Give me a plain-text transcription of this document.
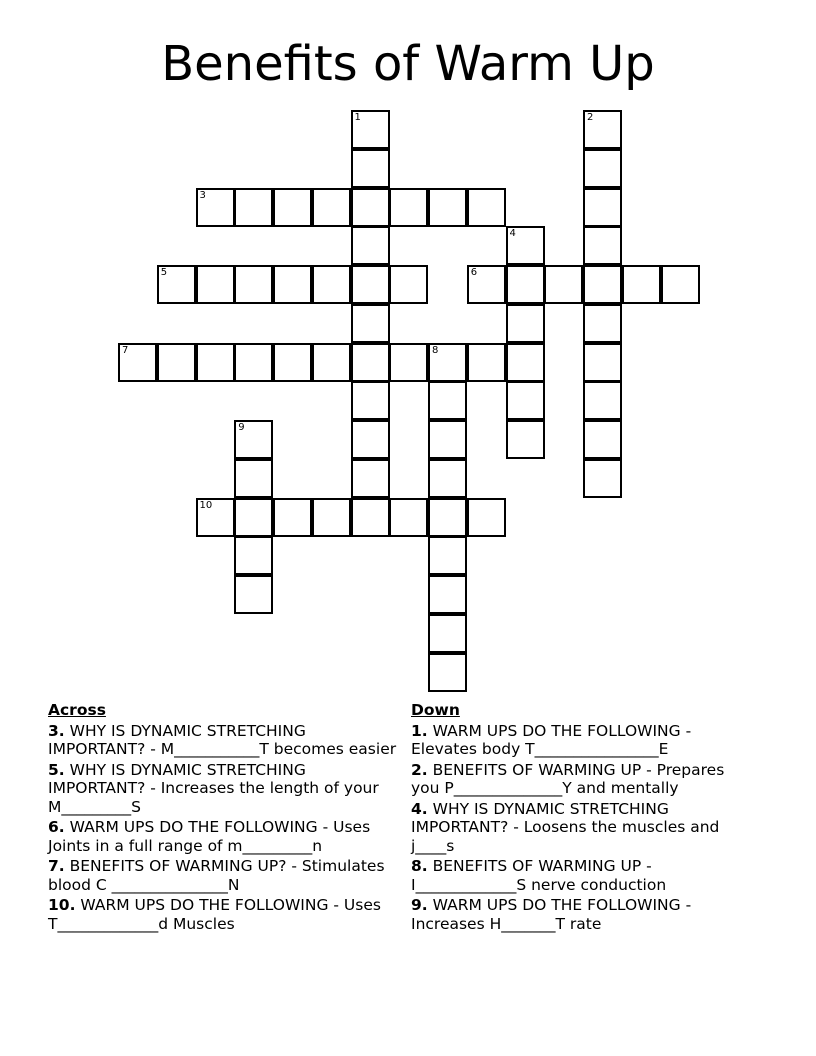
Benefits of Warm Up
1	2
3
4
5	6
7	8
9
10
Across
3. WHY IS DYNAMIC STRETCHING IMPORTANT? - M___________T becomes easier
5. WHY IS DYNAMIC STRETCHING IMPORTANT? - Increases the length of your M_________S
6. WARM UPS DO THE FOLLOWING - Uses Joints in a full range of m_________n
7. BENEFITS OF WARMING UP? - Stimulates blood C _______________N
10. WARM UPS DO THE FOLLOWING - Uses T_____________d Muscles
Down
1. WARM UPS DO THE FOLLOWING - Elevates body T________________E
2. BENEFITS OF WARMING UP - Prepares you P______________Y and mentally
4. WHY IS DYNAMIC STRETCHING IMPORTANT? - Loosens the muscles and j____s
8. BENEFITS OF WARMING UP - I_____________S nerve conduction
9. WARM UPS DO THE FOLLOWING - Increases H_______T rate
